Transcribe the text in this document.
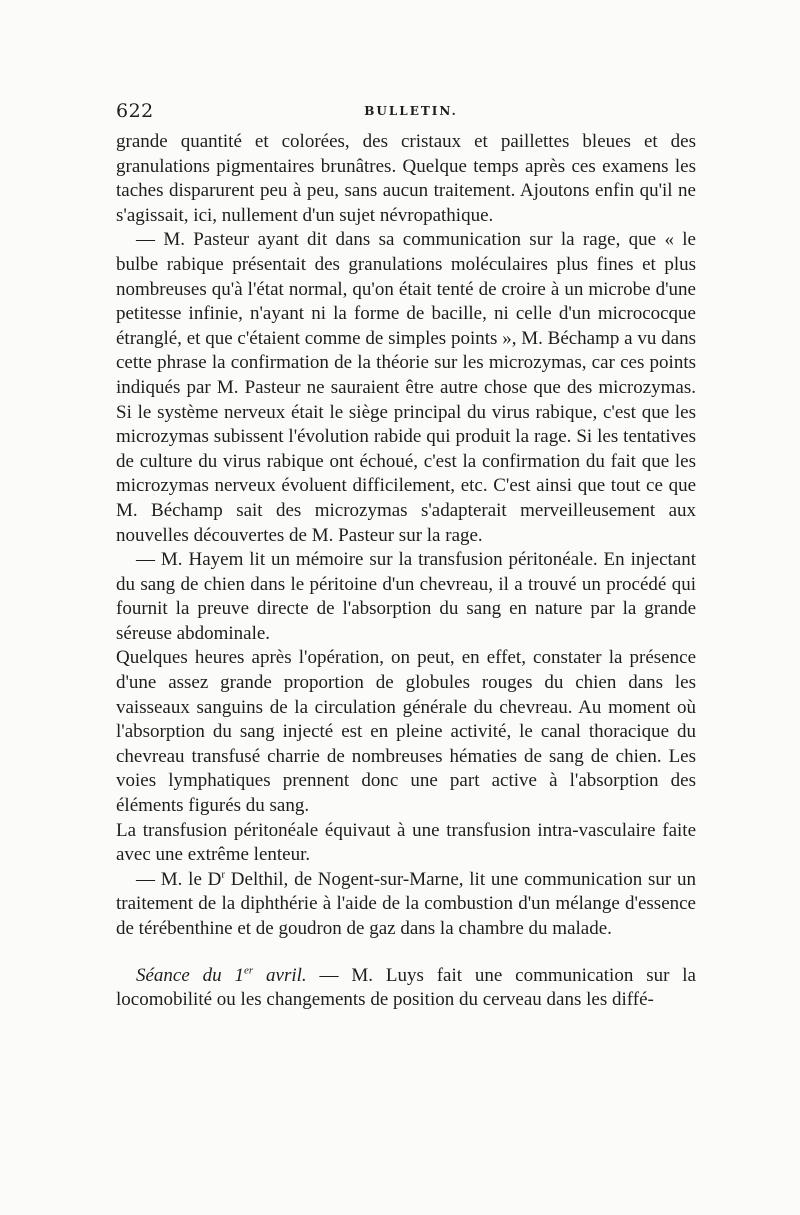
622	BULLETIN.

grande quantité et colorées, des cristaux et paillettes bleues et des granulations pigmentaires brunâtres. Quelque temps après ces examens les taches disparurent peu à peu, sans aucun traitement. Ajoutons enfin qu'il ne s'agissait, ici, nullement d'un sujet névropathique.

— M. Pasteur ayant dit dans sa communication sur la rage, que « le bulbe rabique présentait des granulations moléculaires plus fines et plus nombreuses qu'à l'état normal, qu'on était tenté de croire à un microbe d'une petitesse infinie, n'ayant ni la forme de bacille, ni celle d'un micrococque étranglé, et que c'étaient comme de simples points », M. Béchamp a vu dans cette phrase la confirmation de la théorie sur les microzymas, car ces points indiqués par M. Pasteur ne sauraient être autre chose que des microzymas. Si le système nerveux était le siège principal du virus rabique, c'est que les microzymas subissent l'évolution rabide qui produit la rage. Si les tentatives de culture du virus rabique ont échoué, c'est la confirmation du fait que les microzymas nerveux évoluent difficilement, etc. C'est ainsi que tout ce que M. Béchamp sait des microzymas s'adapterait merveilleusement aux nouvelles découvertes de M. Pasteur sur la rage.

— M. Hayem lit un mémoire sur la transfusion péritonéale. En injectant du sang de chien dans le péritoine d'un chevreau, il a trouvé un procédé qui fournit la preuve directe de l'absorption du sang en nature par la grande séreuse abdominale.

Quelques heures après l'opération, on peut, en effet, constater la présence d'une assez grande proportion de globules rouges du chien dans les vaisseaux sanguins de la circulation générale du chevreau. Au moment où l'absorption du sang injecté est en pleine activité, le canal thoracique du chevreau transfusé charrie de nombreuses hématies de sang de chien. Les voies lymphatiques prennent donc une part active à l'absorption des éléments figurés du sang.

La transfusion péritonéale équivaut à une transfusion intra-vasculaire faite avec une extrême lenteur.

— M. le $D^r$ Delthil, de Nogent-sur-Marne, lit une communication sur un traitement de la diphthérie à l'aide de la combustion d'un mélange d'essence de térébenthine et de goudron de gaz dans la chambre du malade.

Séance du 1er avril. — M. Luys fait une communication sur la locomobilité ou les changements de position du cerveau dans les diffé-
